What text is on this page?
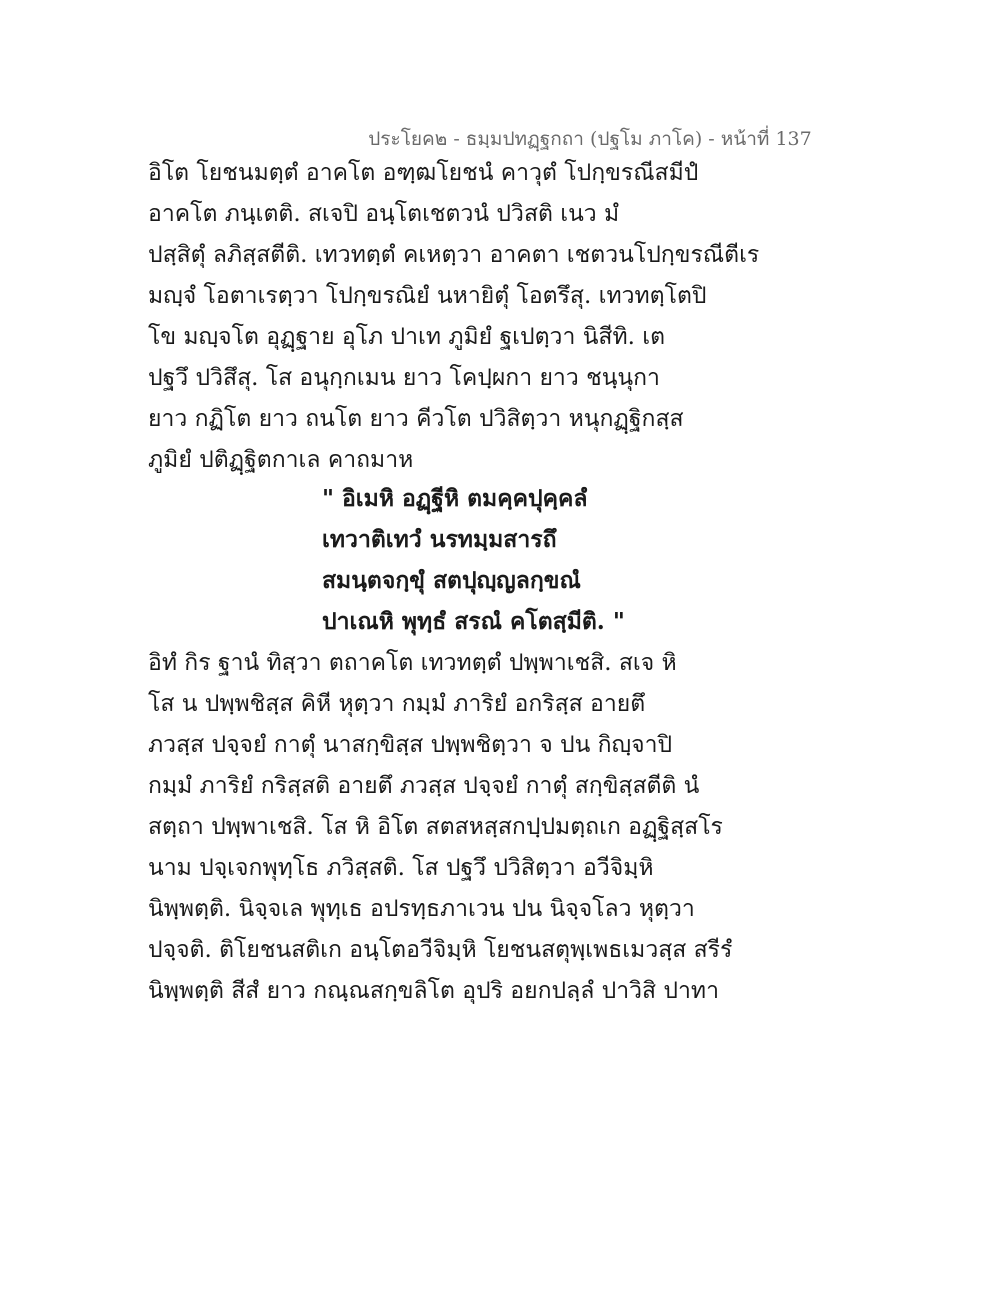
ประโยค๒ - ธมฺมปทฏฺฐกถา (ปฐโม ภาโค) - หน้าที่ 137
อิโต โยชนมตฺตํ อาคโต อฑฺฒโยชนํ คาวุตํ โปกฺขรณีสมีปํ
อาคโต ภนฺเตติ. สเจปิ อนฺโตเชตวนํ ปวิสติ เนว มํ
ปสฺสิตุํ ลภิสฺสตีติ. เทวทตฺตํ คเหตฺวา อาคตา เชตวนโปกฺขรณีตีเร
มญฺจํ โอตาเรตฺวา โปกฺขรณิยํ นหายิตุํ โอตรึสุ. เทวทตฺโตปิ
โข มญฺจโต อุฏฺฐาย อุโภ ปาเท ภูมิยํ ฐเปตฺวา นิสีทิ. เต
ปฐวึ ปวิสึสุ. โส อนุกฺกเมน ยาว โคปฺผกา ยาว ชนฺนุกา
ยาว กฏิโต ยาว ถนโต ยาว คีวโต ปวิสิตฺวา หนุกฏฺฐิกสฺส
ภูมิยํ ปติฏฺฐิตกาเล คาถมาห
" อิเมหิ อฏฺฐีหิ ตมคฺคปุคฺคลํ
เทวาติเทวํ นรทมฺมสารถึ
สมนฺตจกฺขุํ สตปุญฺญลกฺขณํ
ปาเณหิ พุทฺธํ สรณํ คโตสฺมีติ. "
อิทํ กิร ฐานํ ทิสฺวา ตถาคโต เทวทตฺตํ ปพฺพาเชสิ. สเจ หิ
โส น ปพฺพชิสฺส คิหี หุตฺวา กมฺมํ ภาริยํ อกริสฺส อายตึ
ภวสฺส ปจฺจยํ กาตุํ นาสกฺขิสฺส ปพฺพชิตฺวา จ ปน กิญฺจาปิ
กมฺมํ ภาริยํ กริสฺสติ อายตึ ภวสฺส ปจฺจยํ กาตุํ สกฺขิสฺสตีติ นํ
สตฺถา ปพฺพาเชสิ. โส หิ อิโต สตสหสฺสกปฺปมตฺถเก อฏฺฐิสฺสโร
นาม ปจฺเจกพุทฺโธ ภวิสฺสติ. โส ปฐวึ ปวิสิตฺวา อวีจิมฺหิ
นิพฺพตฺติ. นิจฺจเล พุทฺเธ อปรทฺธภาเวน ปน นิจฺจโลว หุตฺวา
ปจฺจติ. ติโยชนสติเก อนฺโตอวีจิมฺหิ โยชนสตุพฺเพธเมวสฺส สรีรํ
นิพฺพตฺติ สีสํ ยาว กณฺณสกฺขลิโต อุปริ อยกปลฺลํ ปาวิสิ ปาทา
